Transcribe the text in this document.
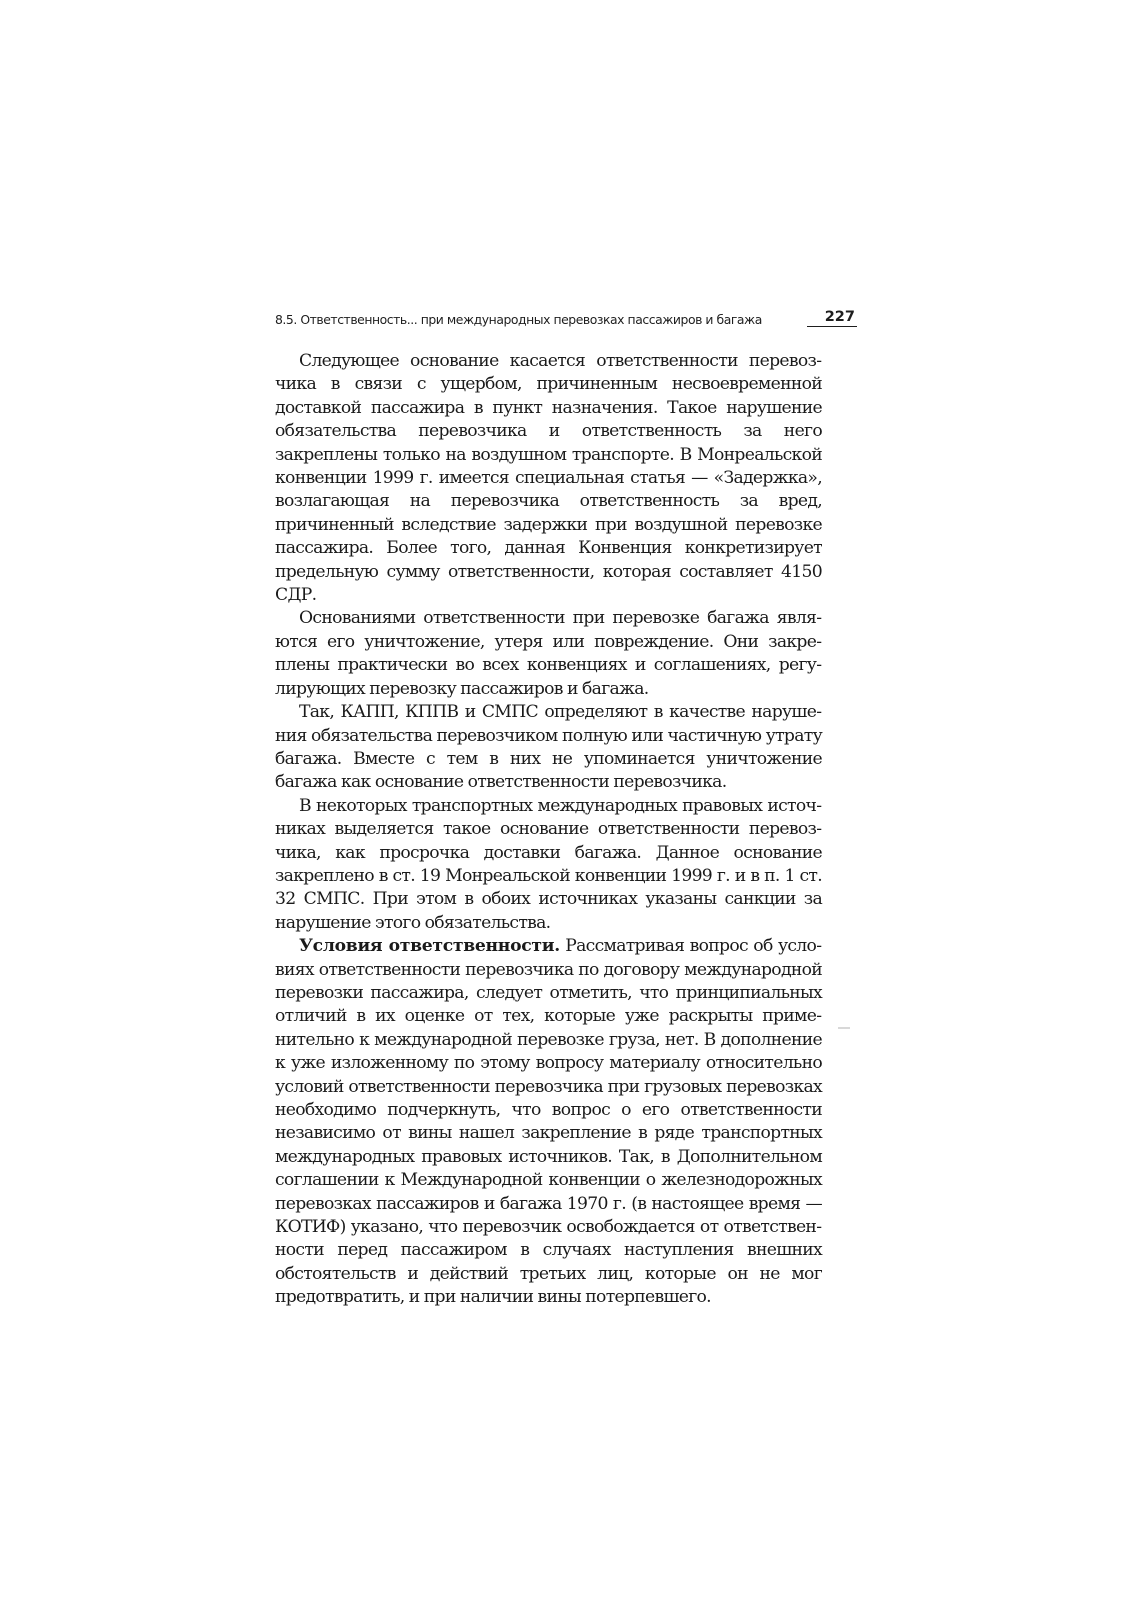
8.5. Ответственность... при международных перевозках пассажиров и багажа	227

Следующее основание касается ответственности перевозчика в связи с ущербом, причиненным несвоевременной доставкой пассажира в пункт назначения. Такое нарушение обязательства перевозчика и ответственность за него закреплены только на воздушном транспорте. В Монреальской конвенции 1999 г. имеется специальная статья — «Задержка», возлагающая на перевозчика ответственность за вред, причиненный вследствие задержки при воздушной перевозке пассажира. Более того, данная Конвенция конкретизирует предельную сумму ответственности, которая составляет 4150 СДР.

Основаниями ответственности при перевозке багажа являются его уничтожение, утеря или повреждение. Они закреплены практически во всех конвенциях и соглашениях, регулирующих перевозку пассажиров и багажа.

Так, КАПП, КППВ и СМПС определяют в качестве нарушения обязательства перевозчиком полную или частичную утрату багажа. Вместе с тем в них не упоминается уничтожение багажа как основание ответственности перевозчика.

В некоторых транспортных международных правовых источниках выделяется такое основание ответственности перевозчика, как просрочка доставки багажа. Данное основание закреплено в ст. 19 Монреальской конвенции 1999 г. и в п. 1 ст. 32 СМПС. При этом в обоих источниках указаны санкции за нарушение этого обязательства.

Условия ответственности. Рассматривая вопрос об условиях ответственности перевозчика по договору международной перевозки пассажира, следует отметить, что принципиальных отличий в их оценке от тех, которые уже раскрыты применительно к международной перевозке груза, нет. В дополнение к уже изложенному по этому вопросу материалу относительно условий ответственности перевозчика при грузовых перевозках необходимо подчеркнуть, что вопрос о его ответственности независимо от вины нашел закрепление в ряде транспортных международных правовых источников. Так, в Дополнительном соглашении к Международной конвенции о железнодорожных перевозках пассажиров и багажа 1970 г. (в настоящее время — КОТИФ) указано, что перевозчик освобождается от ответственности перед пассажиром в случаях наступления внешних обстоятельств и действий третьих лиц, которые он не мог предотвратить, и при наличии вины потерпевшего.
